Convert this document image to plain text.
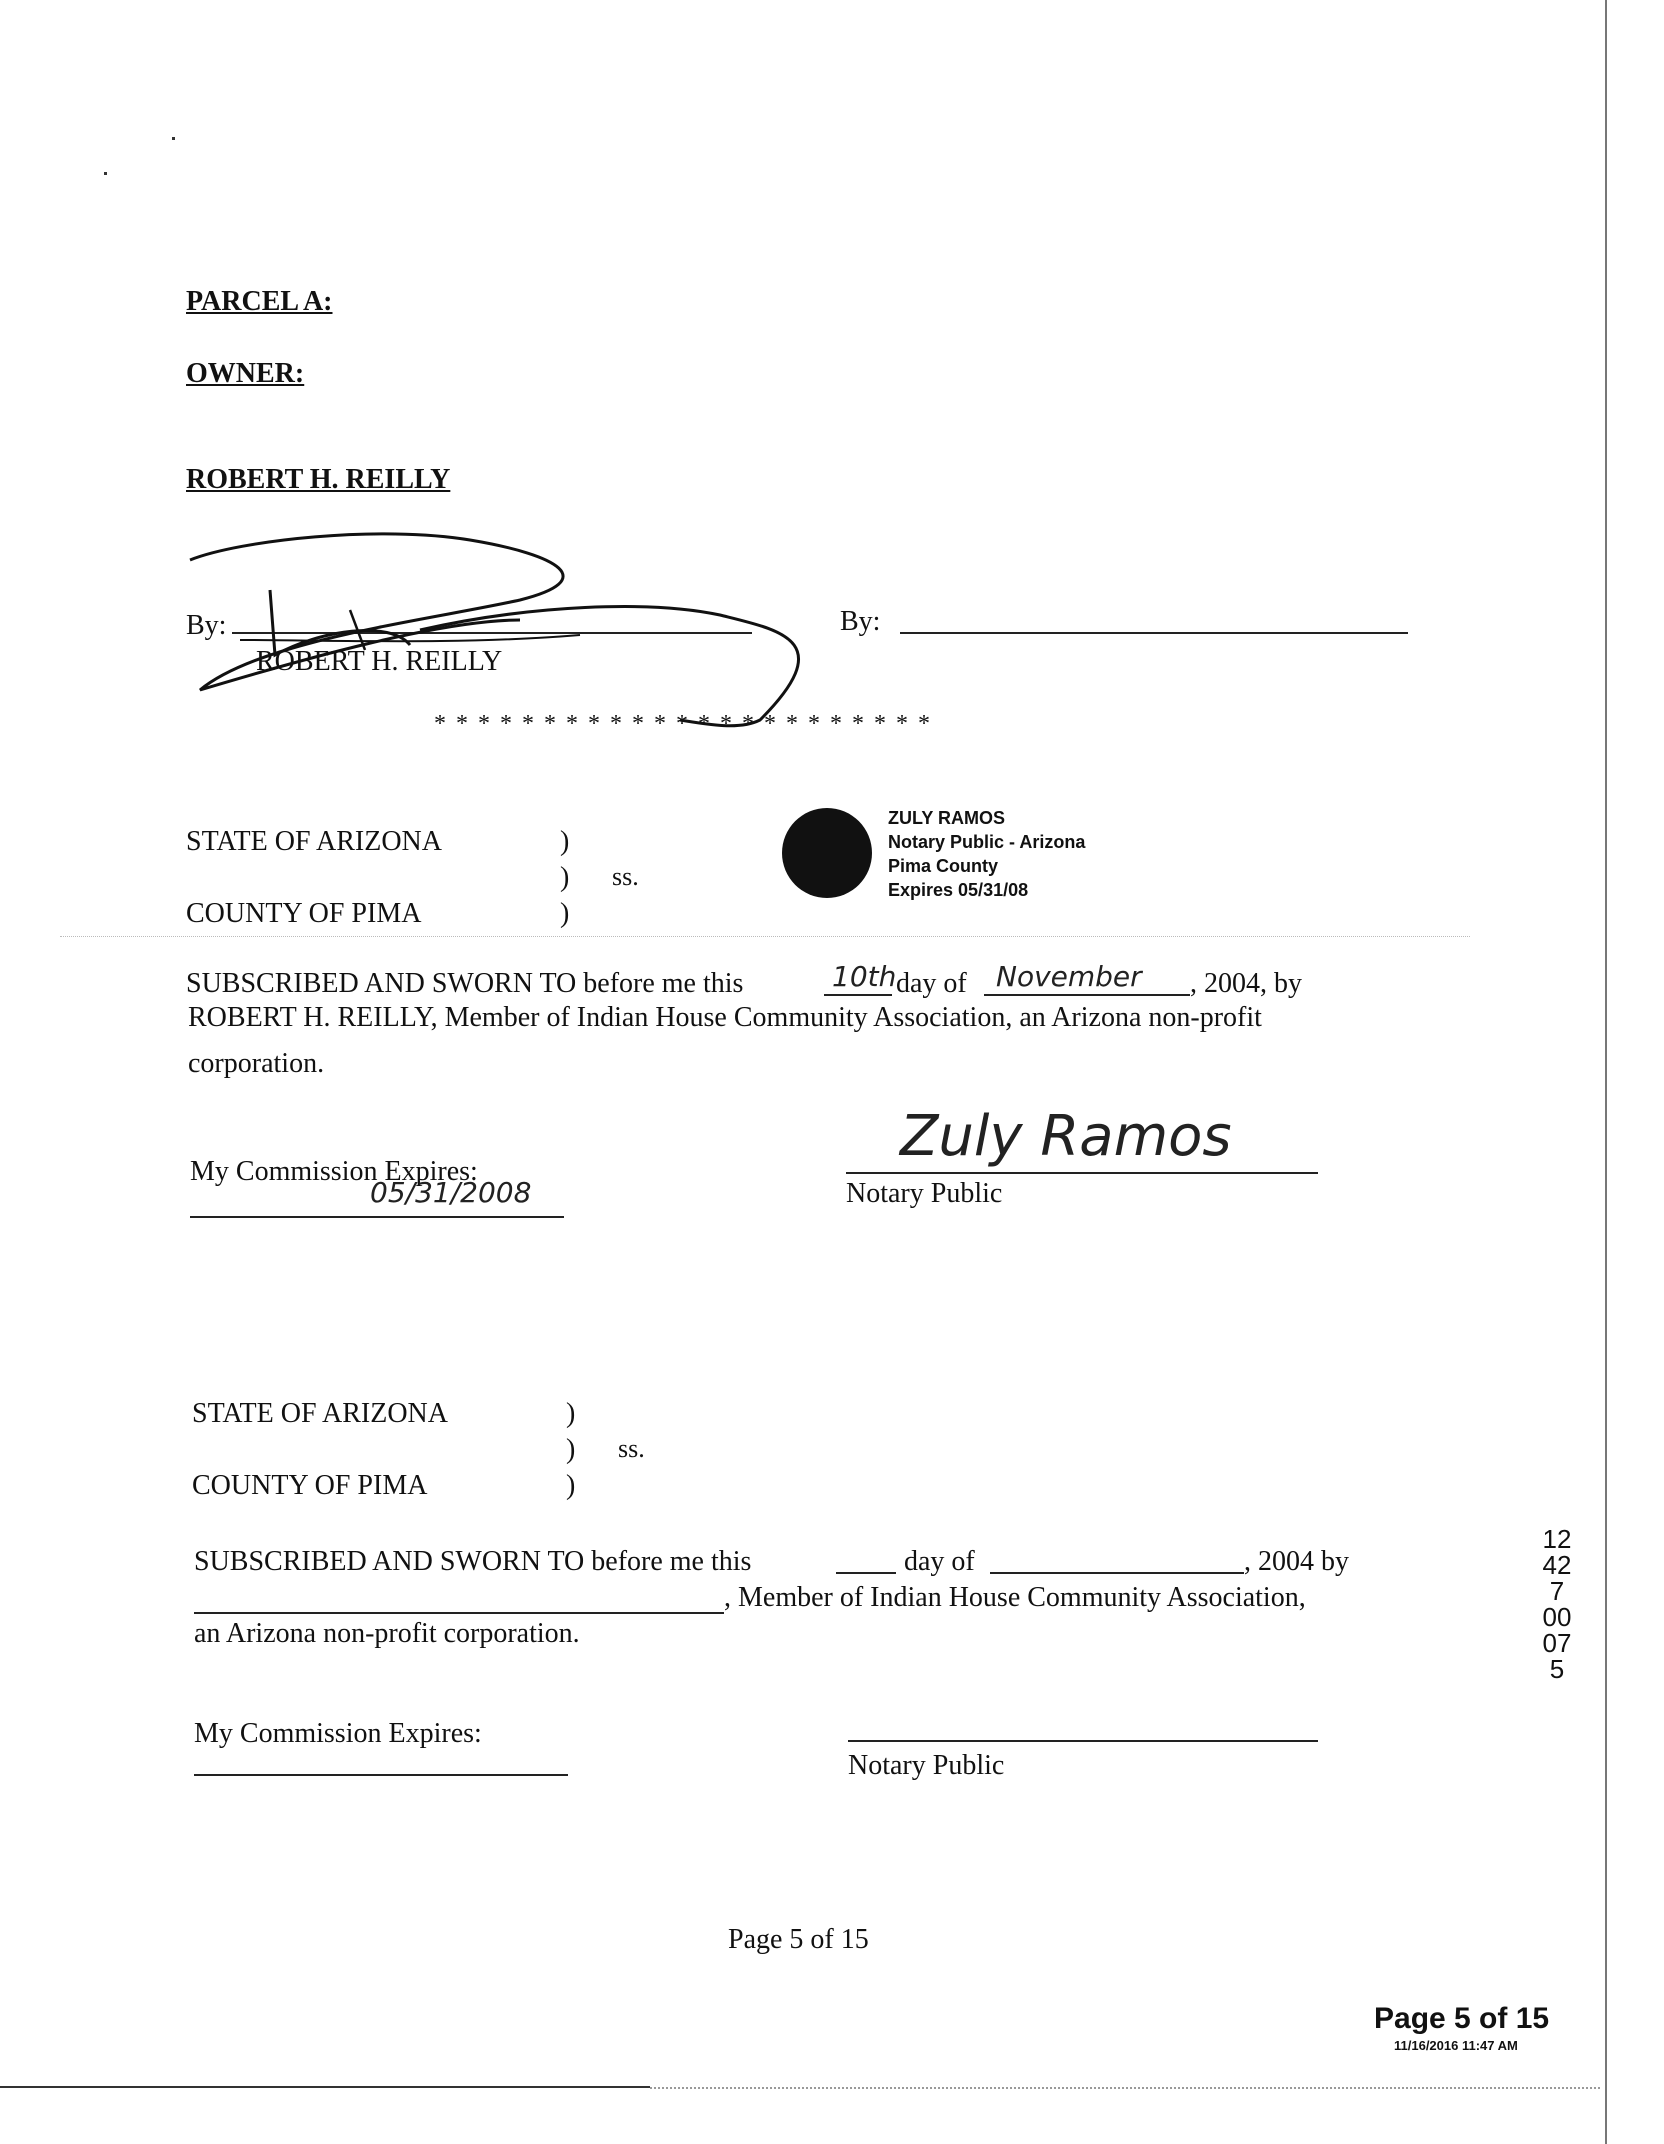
PARCEL A:
OWNER:
ROBERT H. REILLY
By:
ROBERT H. REILLY
By:
* * * * * * * * * * * * * * * * * * * * * * *
STATE OF ARIZONA
COUNTY OF PIMA
)
)
)
ss.
ZULY RAMOS
Notary Public - Arizona
Pima County
Expires 05/31/08
SUBSCRIBED AND SWORN TO before me this	10th day of November , 2004, by
ROBERT H. REILLY, Member of Indian House Community Association, an Arizona non-profit
corporation.
My Commission Expires:
05/31/2008
Zuly Ramos
Notary Public
STATE OF ARIZONA
COUNTY OF PIMA
)
)
)
ss.
SUBSCRIBED AND SWORN TO before me this	day of	, 2004 by
, Member of Indian House Community Association,
an Arizona non-profit corporation.
My Commission Expires:
Notary Public
12427 00075
Page 5 of 15
Page 5 of 15
11/16/2016 11:47 AM
